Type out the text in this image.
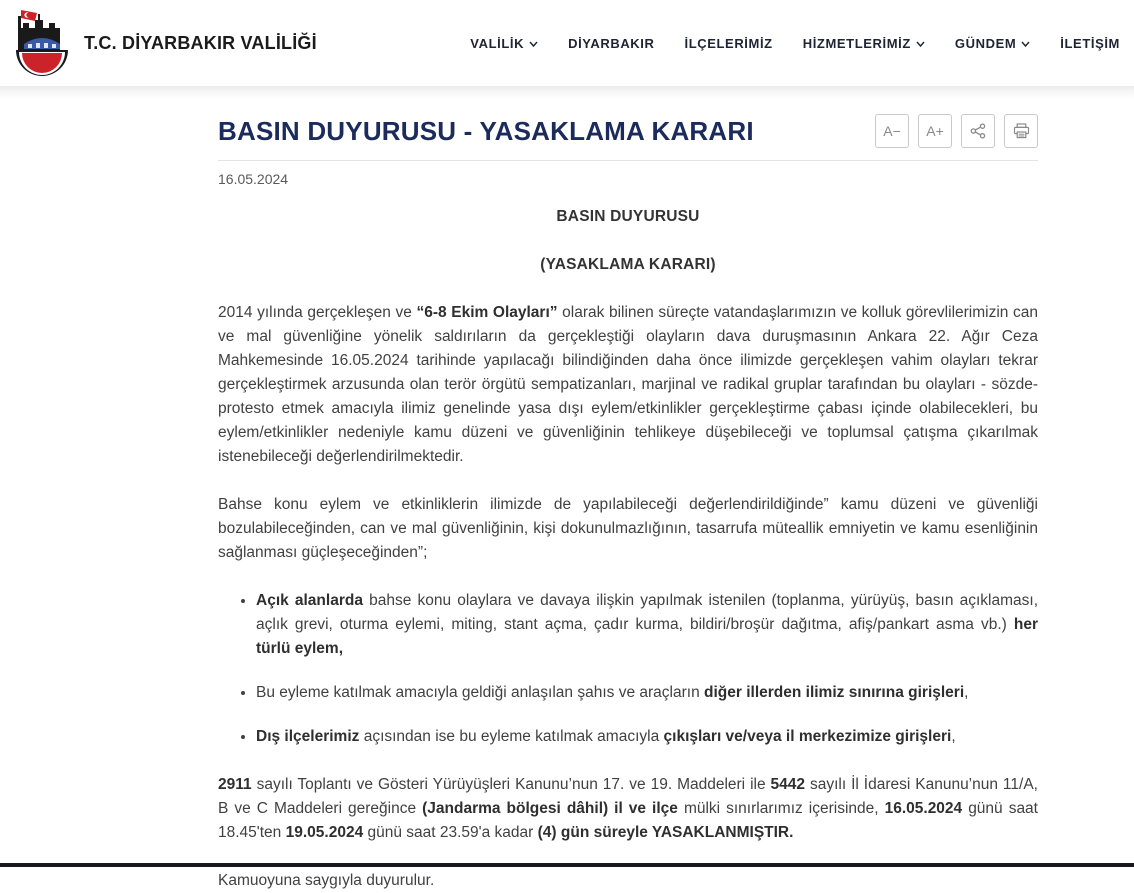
T.C. DİYARBAKIR VALİLİĞİ	VALİLİK	DİYARBAKIR İLÇELERİMİZ HİZMETLERİMİZ	GÜNDEM	İLETİŞİM
BASIN DUYURUSU - YASAKLAMA KARARI	A− A+
16.05.2024

BASIN DUYURUSU

(YASAKLAMA KARARI)

2014 yılında gerçekleşen ve “6-8 Ekim Olayları” olarak bilinen süreçte vatandaşlarımızın ve kolluk görevlilerimizin can ve mal güvenliğine yönelik saldırıların da gerçekleştiği olayların dava duruşmasının Ankara 22. Ağır Ceza Mahkemesinde 16.05.2024 tarihinde yapılacağı bilindiğinden daha önce ilimizde gerçekleşen vahim olayları tekrar gerçekleştirmek arzusunda olan terör örgütü sempatizanları, marjinal ve radikal gruplar tarafından bu olayları - sözde- protesto etmek amacıyla ilimiz genelinde yasa dışı eylem/etkinlikler gerçekleştirme çabası içinde olabilecekleri, bu eylem/etkinlikler nedeniyle kamu düzeni ve güvenliğinin tehlikeye düşebileceği ve toplumsal çatışma çıkarılmak istenebileceği değerlendirilmektedir.

Bahse konu eylem ve etkinliklerin ilimizde de yapılabileceği değerlendirildiğinde” kamu düzeni ve güvenliği bozulabileceğinden, can ve mal güvenliğinin, kişi dokunulmazlığının, tasarrufa müteallik emniyetin ve kamu esenliğinin sağlanması güçleşeceğinden”;

• Açık alanlarda bahse konu olaylara ve davaya ilişkin yapılmak istenilen (toplanma, yürüyüş, basın açıklaması, açlık grevi, oturma eylemi, miting, stant açma, çadır kurma, bildiri/broşür dağıtma, afiş/pankart asma vb.) her türlü eylem,
• Bu eyleme katılmak amacıyla geldiği anlaşılan şahıs ve araçların diğer illerden ilimiz sınırına girişleri,
• Dış ilçelerimiz açısından ise bu eyleme katılmak amacıyla çıkışları ve/veya il merkezimize girişleri,

2911 sayılı Toplantı ve Gösteri Yürüyüşleri Kanunu’nun 17. ve 19. Maddeleri ile 5442 sayılı İl İdaresi Kanunu’nun 11/A, B ve C Maddeleri gereğince (Jandarma bölgesi dâhil) il ve ilçe mülki sınırlarımız içerisinde, 16.05.2024 günü saat 18.45'ten 19.05.2024 günü saat 23.59'a kadar (4) gün süreyle YASAKLANMIŞTIR.

Kamuoyuna saygıyla duyurulur.
